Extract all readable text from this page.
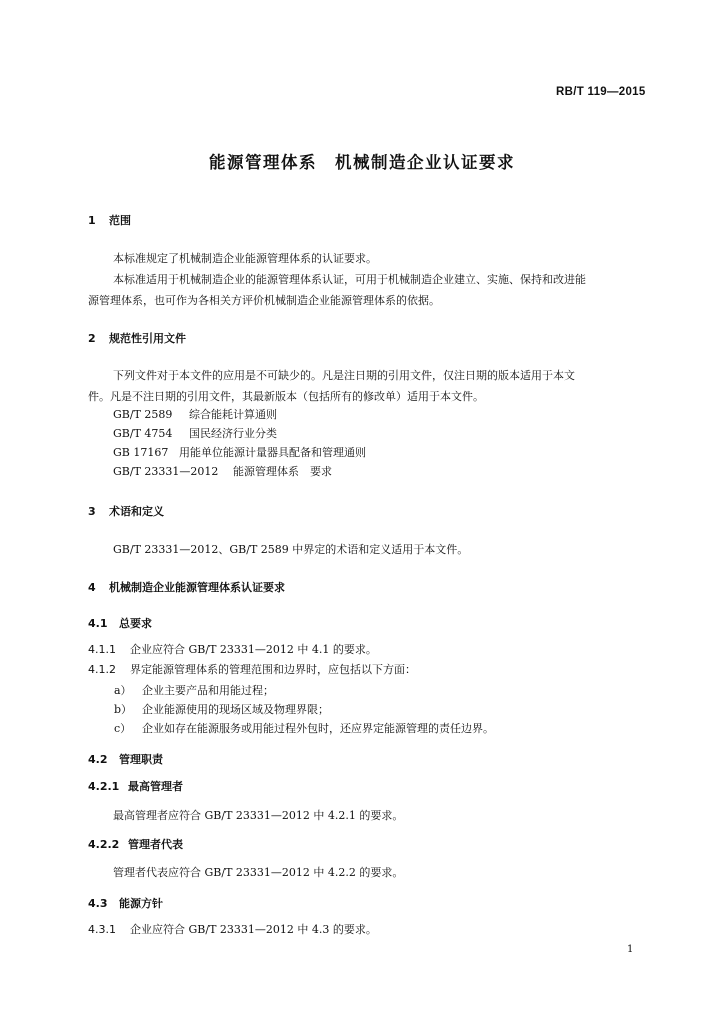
RB/T 119—2015
能源管理体系　机械制造企业认证要求
1 范围
本标准规定了机械制造企业能源管理体系的认证要求。
本标准适用于机械制造企业的能源管理体系认证，可用于机械制造企业建立、实施、保持和改进能
源管理体系，也可作为各相关方评价机械制造企业能源管理体系的依据。
2 规范性引用文件
下列文件对于本文件的应用是不可缺少的。凡是注日期的引用文件，仅注日期的版本适用于本文
件。凡是不注日期的引用文件，其最新版本（包括所有的修改单）适用于本文件。
GB/T 2589 综合能耗计算通则
GB/T 4754 国民经济行业分类
GB 17167 用能单位能源计量器具配备和管理通则
GB/T 23331—2012 能源管理体系　要求
3 术语和定义
GB/T 23331—2012、GB/T 2589 中界定的术语和定义适用于本文件。
4 机械制造企业能源管理体系认证要求
4.1 总要求
4.1.1 企业应符合 GB/T 23331—2012 中 4.1 的要求。
4.1.2 界定能源管理体系的管理范围和边界时，应包括以下方面：
a） 企业主要产品和用能过程；
b） 企业能源使用的现场区域及物理界限；
c） 企业如存在能源服务或用能过程外包时，还应界定能源管理的责任边界。
4.2 管理职责
4.2.1 最高管理者
最高管理者应符合 GB/T 23331—2012 中 4.2.1 的要求。
4.2.2 管理者代表
管理者代表应符合 GB/T 23331—2012 中 4.2.2 的要求。
4.3 能源方针
4.3.1 企业应符合 GB/T 23331—2012 中 4.3 的要求。
1
